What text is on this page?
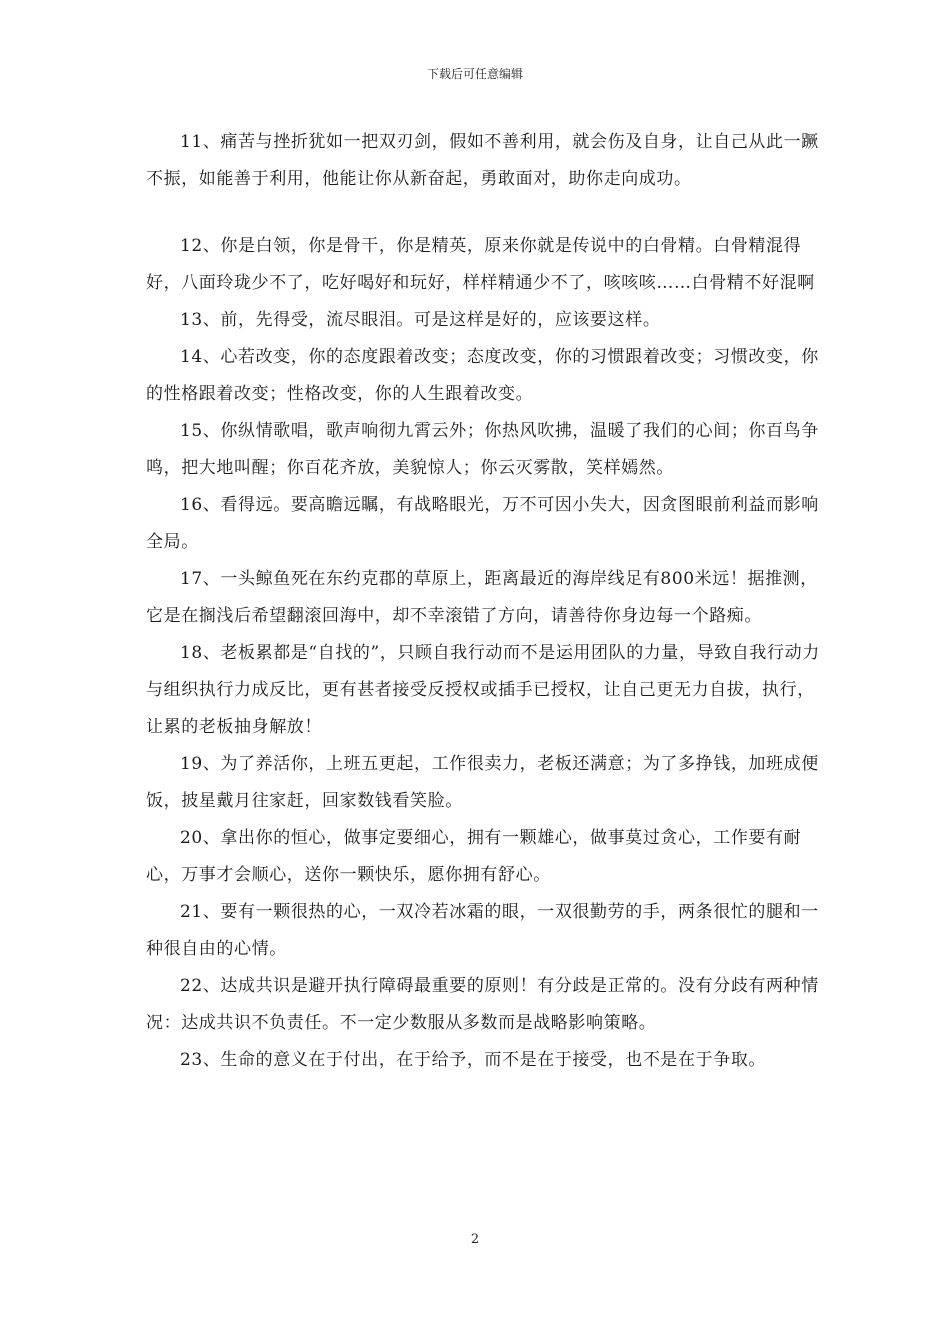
下载后可任意编辑

11、痛苦与挫折犹如一把双刃剑，假如不善利用，就会伤及自身，让自己从此一蹶不振，如能善于利用，他能让你从新奋起，勇敢面对，助你走向成功。

12、你是白领，你是骨干，你是精英，原来你就是传说中的白骨精。白骨精混得好，八面玲珑少不了，吃好喝好和玩好，样样精通少不了，咳咳咳……白骨精不好混啊

13、前，先得受，流尽眼泪。可是这样是好的，应该要这样。

14、心若改变，你的态度跟着改变；态度改变，你的习惯跟着改变；习惯改变，你的性格跟着改变；性格改变，你的人生跟着改变。

15、你纵情歌唱，歌声响彻九霄云外；你热风吹拂，温暖了我们的心间；你百鸟争鸣，把大地叫醒；你百花齐放，美貌惊人；你云灭雾散，笑样嫣然。

16、看得远。要高瞻远瞩，有战略眼光，万不可因小失大，因贪图眼前利益而影响全局。

17、一头鲸鱼死在东约克郡的草原上，距离最近的海岸线足有800米远！据推测，它是在搁浅后希望翻滚回海中，却不幸滚错了方向，请善待你身边每一个路痴。

18、老板累都是“自找的”，只顾自我行动而不是运用团队的力量，导致自我行动力与组织执行力成反比，更有甚者接受反授权或插手已授权，让自己更无力自拔，执行，让累的老板抽身解放！

19、为了养活你，上班五更起，工作很卖力，老板还满意；为了多挣钱，加班成便饭，披星戴月往家赶，回家数钱看笑脸。

20、拿出你的恒心，做事定要细心，拥有一颗雄心，做事莫过贪心，工作要有耐心，万事才会顺心，送你一颗快乐，愿你拥有舒心。

21、要有一颗很热的心，一双冷若冰霜的眼，一双很勤劳的手，两条很忙的腿和一种很自由的心情。

22、达成共识是避开执行障碍最重要的原则！有分歧是正常的。没有分歧有两种情况：达成共识不负责任。不一定少数服从多数而是战略影响策略。

23、生命的意义在于付出，在于给予，而不是在于接受，也不是在于争取。

2
